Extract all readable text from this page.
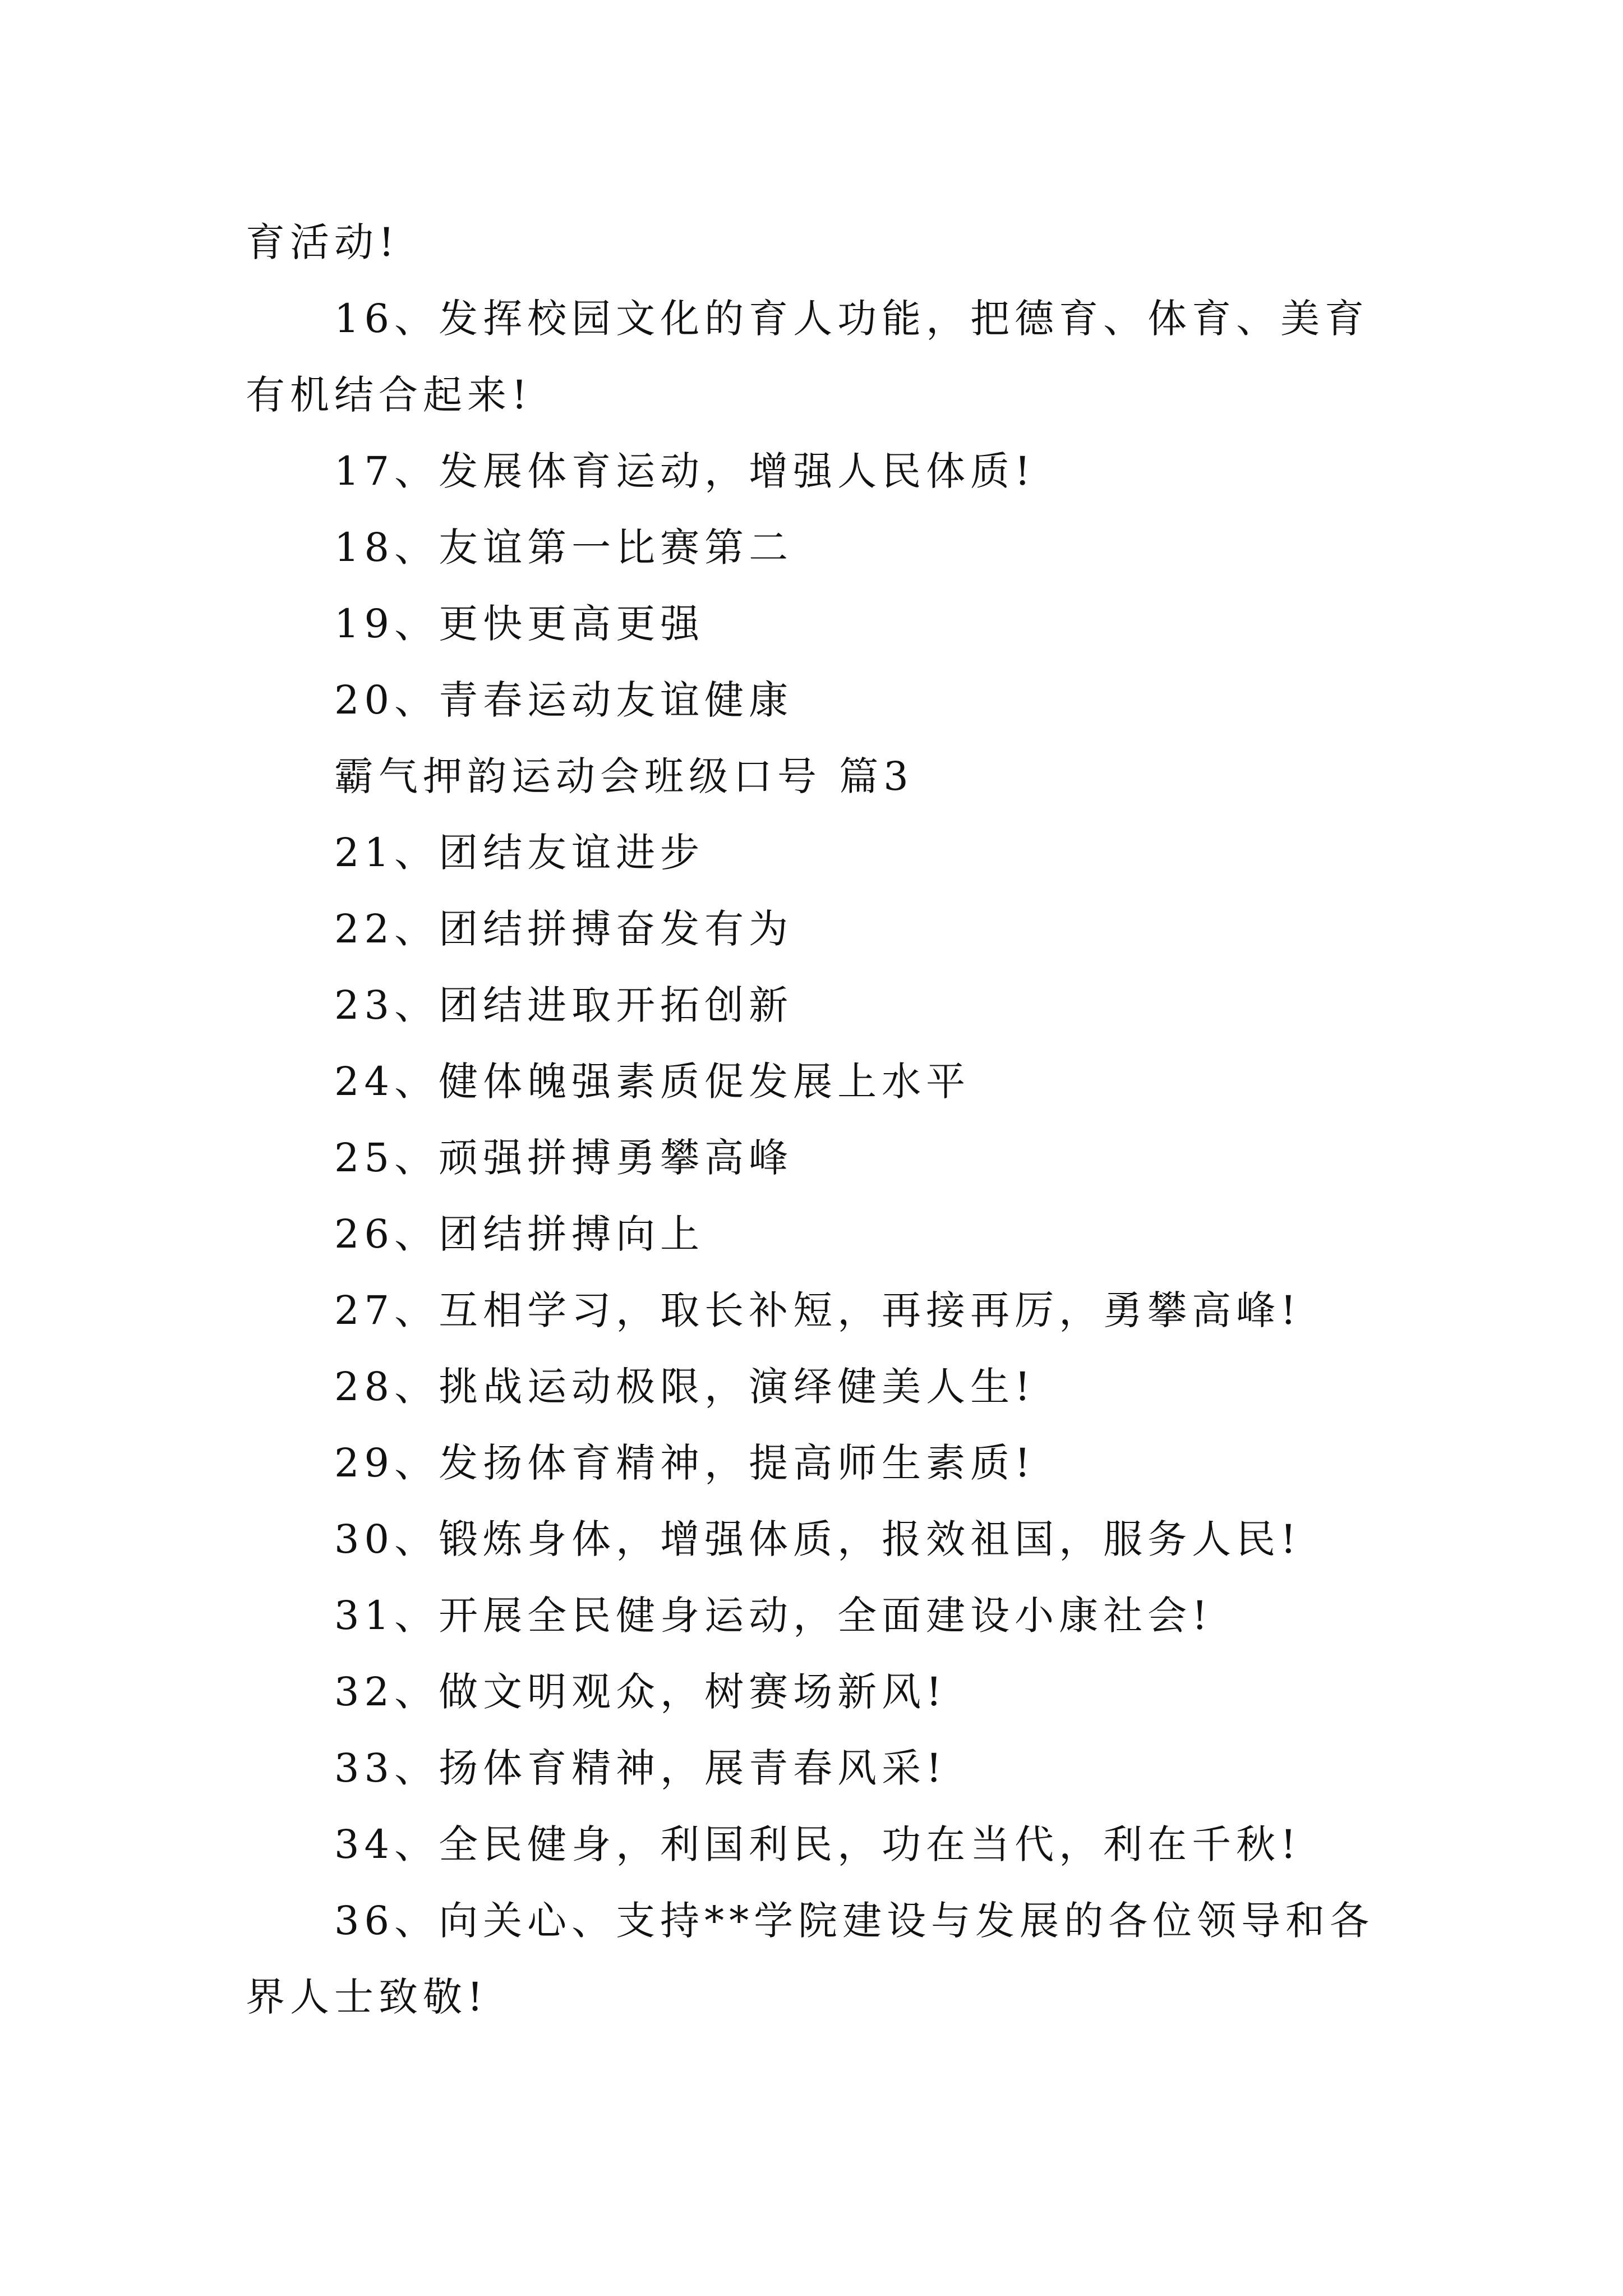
育活动!

16、发挥校园文化的育人功能，把德育、体育、美育有机结合起来!

17、发展体育运动，增强人民体质!

18、友谊第一比赛第二

19、更快更高更强

20、青春运动友谊健康

霸气押韵运动会班级口号 篇3

21、团结友谊进步

22、团结拼搏奋发有为

23、团结进取开拓创新

24、健体魄强素质促发展上水平

25、顽强拼搏勇攀高峰

26、团结拼搏向上

27、互相学习，取长补短，再接再厉，勇攀高峰!

28、挑战运动极限，演绎健美人生!

29、发扬体育精神，提高师生素质!

30、锻炼身体，增强体质，报效祖国，服务人民!

31、开展全民健身运动，全面建设小康社会!

32、做文明观众，树赛场新风!

33、扬体育精神，展青春风采!

34、全民健身，利国利民，功在当代，利在千秋!

36、向关心、支持**学院建设与发展的各位领导和各界人士致敬!
